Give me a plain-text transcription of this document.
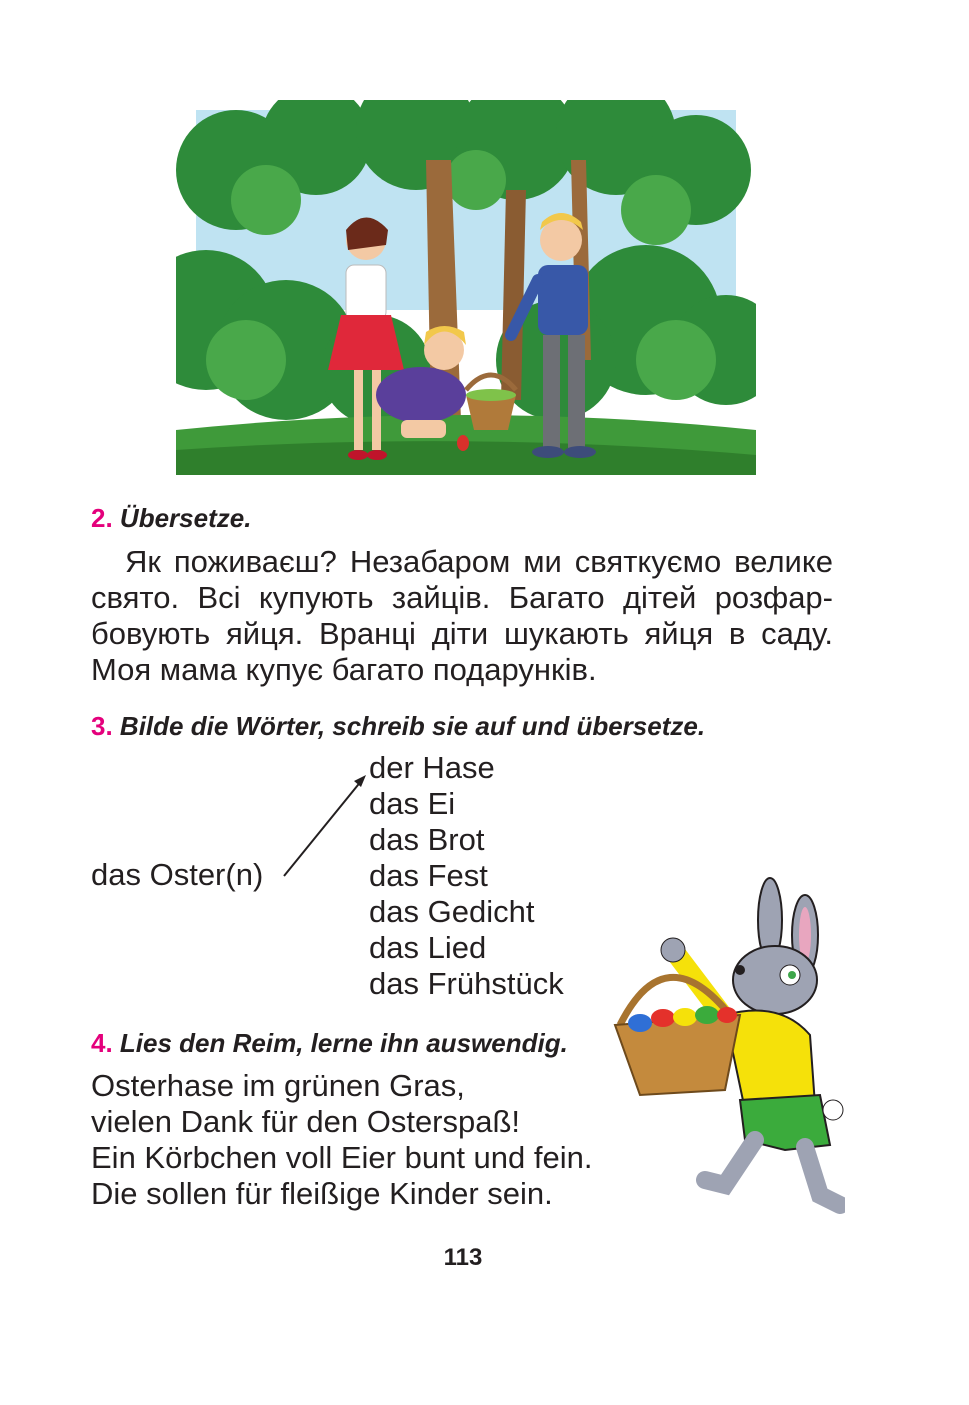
2. Übersetze.
Як поживаєш? Незабаром ми святкуємо велике
свято. Всі купують зайців. Багато дітей розфар-
бовують яйця. Вранці діти шукають яйця в саду.
Моя мама купує багато подарунків.
3. Bilde die Wörter, schreib sie auf und übersetze.
das Oster(n)
der Hase
das Ei
das Brot
das Fest
das Gedicht
das Lied
das Frühstück
4. Lies den Reim, lerne ihn auswendig.
Osterhase im grünen Gras,
vielen Dank für den Osterspaß!
Ein Körbchen voll Eier bunt und fein.
Die sollen für fleißige Kinder sein.
113
